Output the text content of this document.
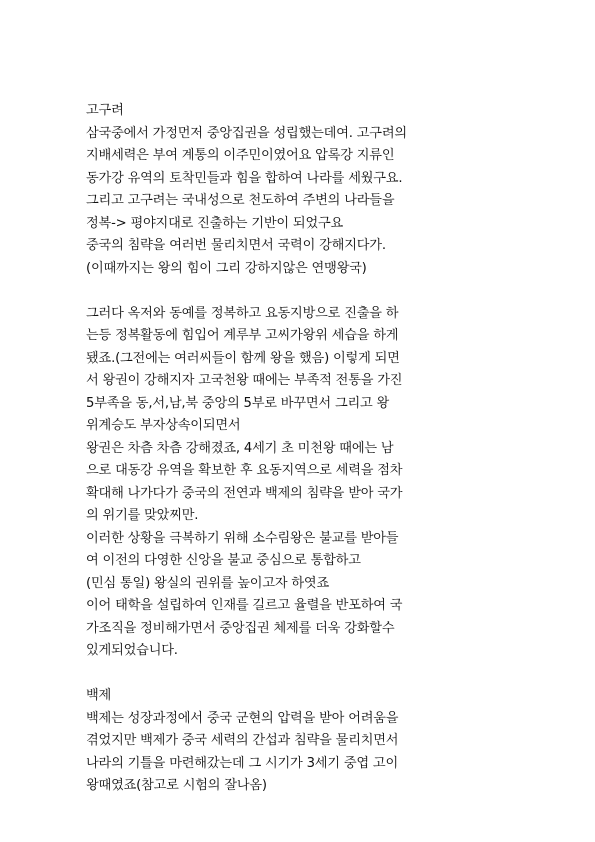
고구려
삼국중에서 가정먼저 중앙집권을 성립했는데여. 고구려의
지배세력은 부여 계통의 이주민이였어요 압록강 지류인
동가강 유역의 토착민들과 힘을 합하여 나라를 세웠구요.
그리고 고구려는 국내성으로 천도하여 주변의 나라들을
정복-> 평야지대로 진출하는 기반이 되었구요
중국의 침략을 여러번 물리치면서 국력이 강해지다가.
(이때까지는 왕의 힘이 그리 강하지않은 연맹왕국)
그러다 옥저와 동예를 정복하고 요동지방으로 진출을 하
는등 정복활동에 힘입어 계루부 고씨가왕위 세습을 하게
됐죠.(그전에는 여러씨들이 함께 왕을 했음) 이렇게 되면
서 왕권이 강해지자 고국천왕 때에는 부족적 전통을 가진
5부족을 동,서,남,북 중앙의 5부로 바꾸면서 그리고 왕
위계승도 부자상속이되면서
왕권은 차츰 차츰 강해졌죠, 4세기 초 미천왕 때에는 남
으로 대동강 유역을 확보한 후 요동지역으로 세력을 점차
확대해 나가다가 중국의 전연과 백제의 침략을 받아 국가
의 위기를 맞았찌만.
이러한 상황을 극복하기 위해 소수림왕은 불교를 받아들
여 이전의 다영한 신앙을 불교 중심으로 통합하고
(민심 통일) 왕실의 권위를 높이고자 하엿죠
이어 태학을 설립하여 인재를 길르고 율렬을 반포하여 국
가조직을 정비해가면서 중앙집권 체제를 더욱 강화할수
있게되었습니다.
백제
백제는 성장과정에서 중국 군현의 압력을 받아 어려움을
겪었지만 백제가 중국 세력의 간섭과 침략을 물리치면서
나라의 기틀을 마련해갔는데 그 시기가 3세기 중엽 고이
왕때였죠(참고로 시험의 잘나옴)
